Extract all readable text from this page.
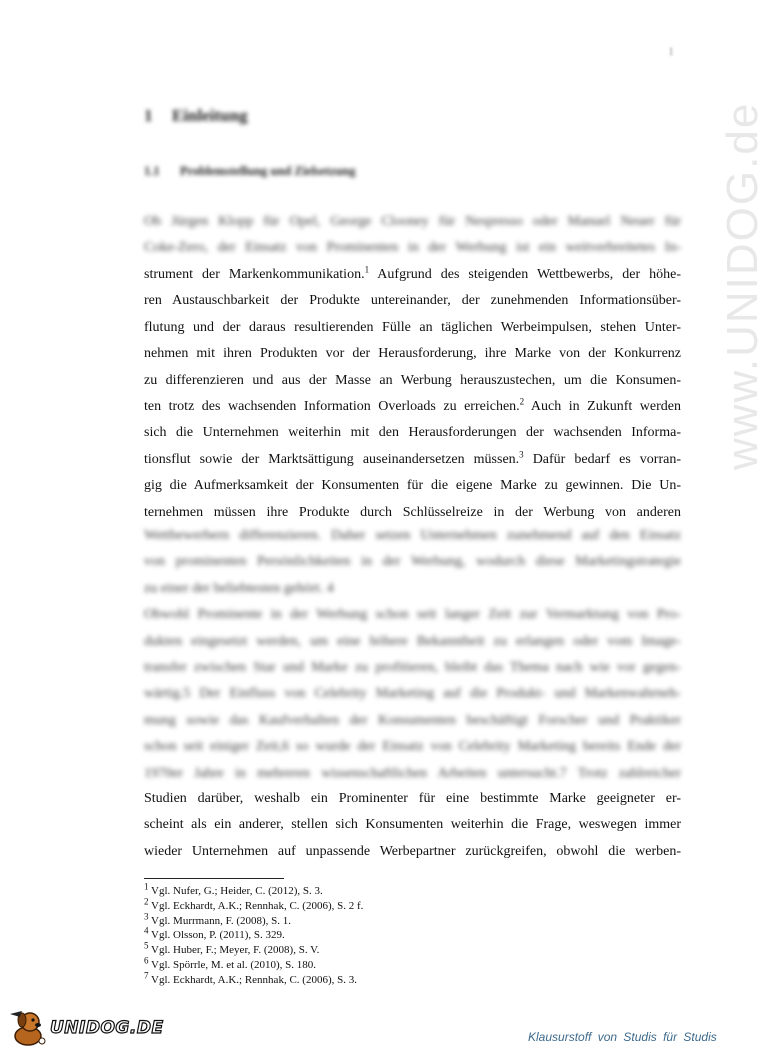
1
1 Einleitung
1.1 Problemstellung und Zielsetzung
Ob Jürgen Klopp für Opel, George Clooney für Nespresso oder Manuel Neuer für
Coke-Zero, der Einsatz von Prominenten in der Werbung ist ein weitverbreitetes In-
strument der Markenkommunikation.$^1$ Aufgrund des steigenden Wettbewerbs, der höhe-
ren Austauschbarkeit der Produkte untereinander, der zunehmenden Informationsüber-
flutung und der daraus resultierenden Fülle an täglichen Werbeimpulsen, stehen Unter-
nehmen mit ihren Produkten vor der Herausforderung, ihre Marke von der Konkurrenz
zu differenzieren und aus der Masse an Werbung herauszustechen, um die Konsumen-
ten trotz des wachsenden Information Overloads zu erreichen.$^2$ Auch in Zukunft werden
sich die Unternehmen weiterhin mit den Herausforderungen der wachsenden Informa-
tionsflut sowie der Marktsättigung auseinandersetzen müssen.$^3$ Dafür bedarf es vorran-
gig die Aufmerksamkeit der Konsumenten für die eigene Marke zu gewinnen. Die Un-
ternehmen müssen ihre Produkte durch Schlüsselreize in der Werbung von anderen
Wettbewerbern differenzieren. Daher setzen Unternehmen zunehmend auf den Einsatz
von prominenten Persönlichkeiten in der Werbung, wodurch diese Marketingstrategie
zu einer der beliebtesten gehört. 4
Obwohl Prominente in der Werbung schon seit langer Zeit zur Vermarktung von Pro-
dukten eingesetzt werden, um eine höhere Bekanntheit zu erlangen oder vom Image-
transfer zwischen Star und Marke zu profitieren, bleibt das Thema nach wie vor gegen-
wärtig.5 Der Einfluss von Celebrity Marketing auf die Produkt- und Markenwahrneh-
mung sowie das Kaufverhalten der Konsumenten beschäftigt Forscher und Praktiker
schon seit einiger Zeit,6 so wurde der Einsatz von Celebrity Marketing bereits Ende der
1970er Jahre in mehreren wissenschaftlichen Arbeiten untersucht.7 Trotz zahlreicher
Studien darüber, weshalb ein Prominenter für eine bestimmte Marke geeigneter er-
scheint als ein anderer, stellen sich Konsumenten weiterhin die Frage, weswegen immer
wieder Unternehmen auf unpassende Werbepartner zurückgreifen, obwohl die werben-
$^1$ Vgl. Nufer, G.; Heider, C. (2012), S. 3.
$^2$ Vgl. Eckhardt, A.K.; Rennhak, C. (2006), S. 2 f.
$^3$ Vgl. Murrmann, F. (2008), S. 1.
$^4$ Vgl. Olsson, P. (2011), S. 329.
$^5$ Vgl. Huber, F.; Meyer, F. (2008), S. V.
$^6$ Vgl. Spörrle, M. et al. (2010), S. 180.
$^7$ Vgl. Eckhardt, A.K.; Rennhak, C. (2006), S. 3.
www.UNIDOG.de
UNIDOG.DE	Klausurstoff von Studis für Studis
